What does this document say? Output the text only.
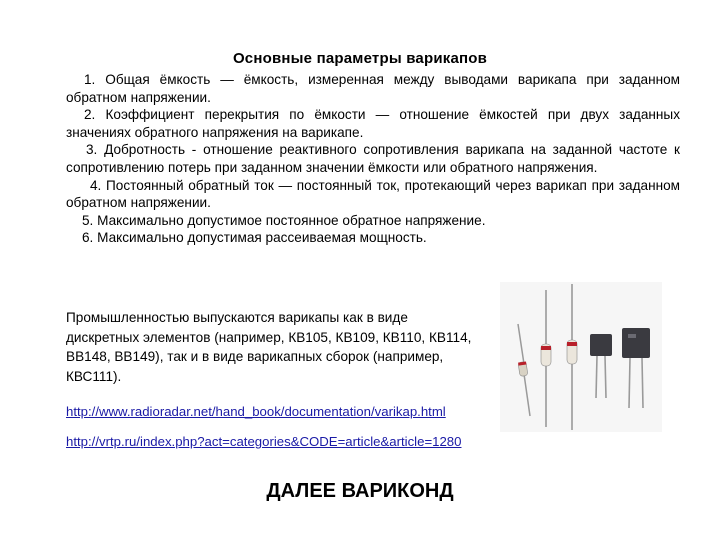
Основные параметры варикапов

1. Общая ёмкость — ёмкость, измеренная между выводами варикапа при заданном обратном напряжении.

2. Коэффициент перекрытия по ёмкости — отношение ёмкостей при двух заданных значениях обратного напряжения на варикапе.

3. Добротность - отношение реактивного сопротивления варикапа на заданной частоте к сопротивлению потерь при заданном значении ёмкости или обратного напряжения.

4. Постоянный обратный ток — постоянный ток, протекающий через варикап при заданном обратном напряжении.

5. Максимально допустимое постоянное обратное напряжение.

6. Максимально допустимая рассеиваемая мощность.

Промышленностью выпускаются варикапы как в виде дискретных элементов (например, КВ105, КВ109, КВ110, КВ114, ВВ148, ВВ149), так и в виде варикапных сборок (например, КВС111).
http://www.radioradar.net/hand_book/documentation/varikap.html
http://vrtp.ru/index.php?act=categories&CODE=article&article=1280
ДАЛЕЕ ВАРИКОНД
